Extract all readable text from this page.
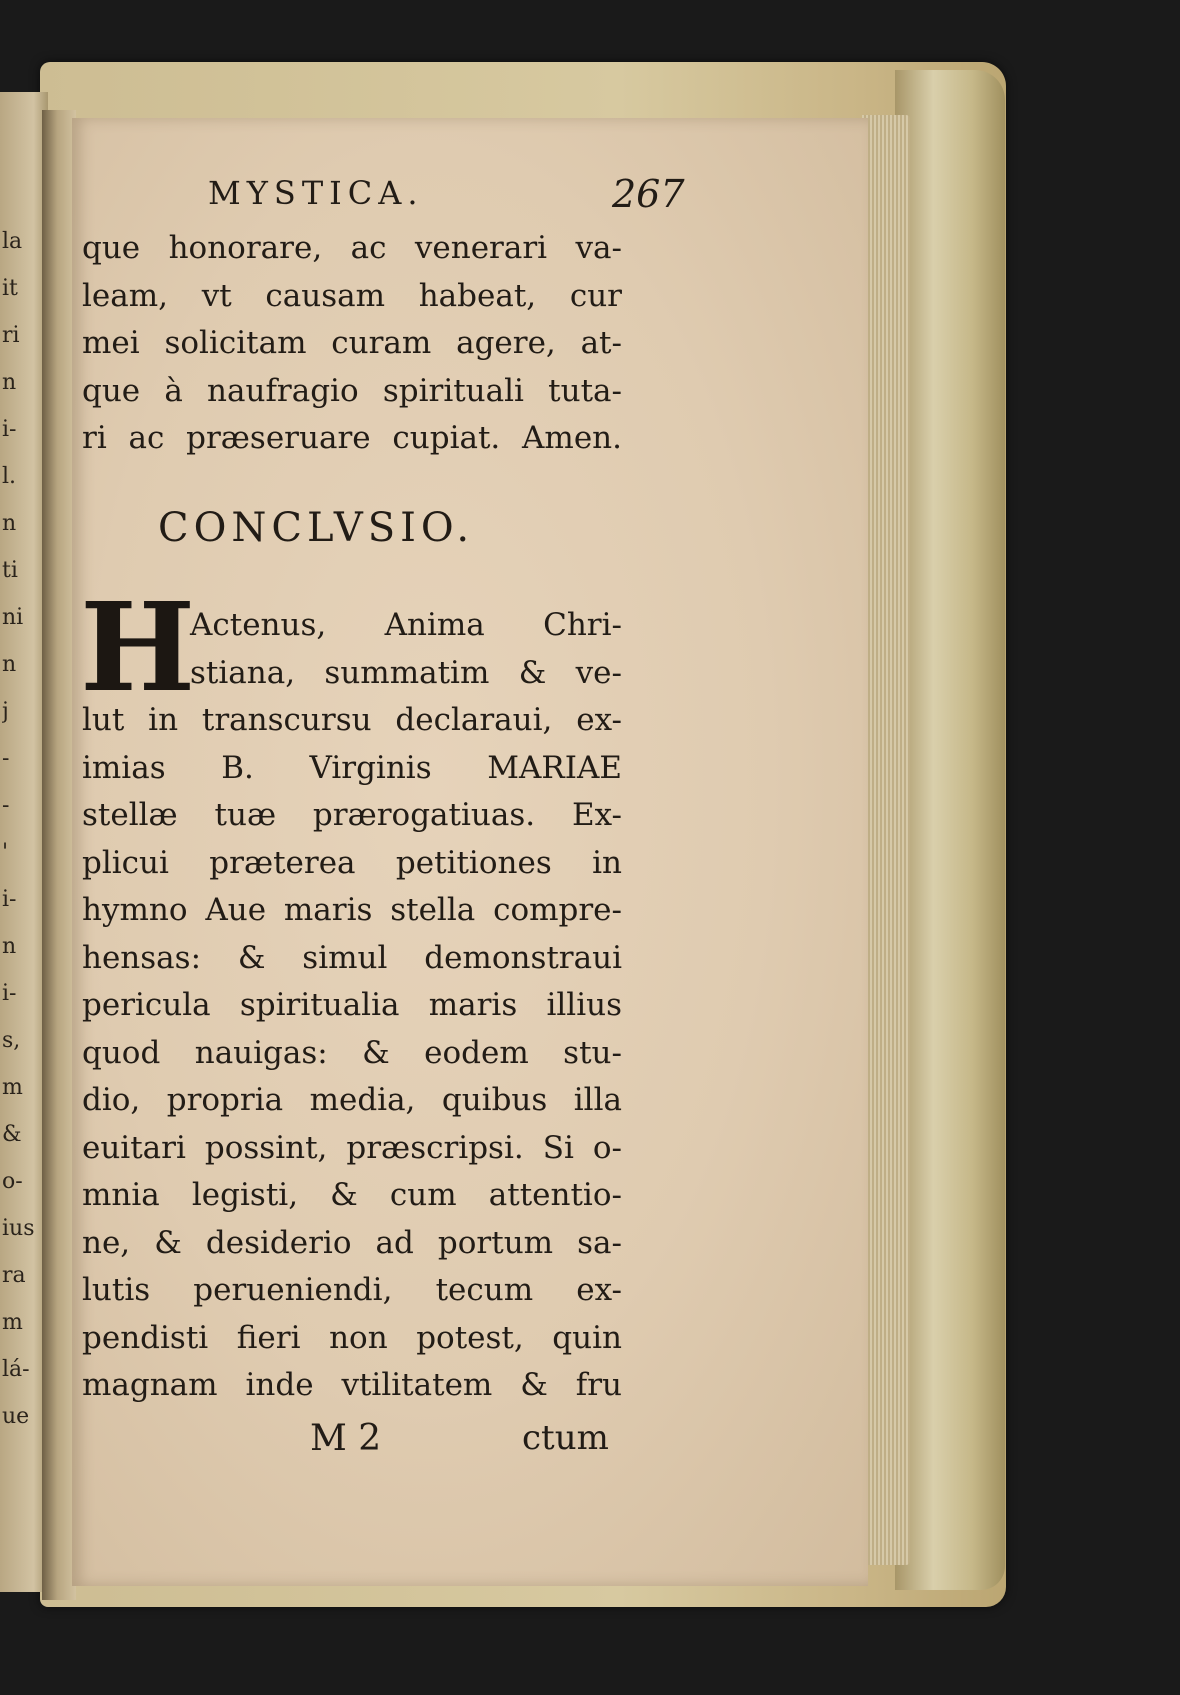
la
it
ri
n
i-
l.
n
ti
ni
n
j
-
-
'
i-
n
i-
s,
m
&
o-
ius
ra
m
lá-
ue
MYSTICA.	267
que honorare, ac venerari va-
leam, vt causam habeat, cur
mei solicitam curam agere, at-
que à naufragio spirituali tuta-
ri ac præseruare cupiat. Amen.
CONCLVSIO.
H
Actenus, Anima Chri-
stiana, summatim & ve-
lut in transcursu declaraui, ex-
imias B. Virginis MARIAE
stellæ tuæ prærogatiuas. Ex-
plicui præterea petitiones in
hymno Aue maris stella compre-
hensas: & simul demonstraui
pericula spiritualia maris illius
quod nauigas: & eodem stu-
dio, propria media, quibus illa
euitari possint, præscripsi. Si o-
mnia legisti, & cum attentio-
ne, & desiderio ad portum sa-
lutis perueniendi, tecum ex-
pendisti fieri non potest, quin
magnam inde vtilitatem & fru
M 2	ctum
